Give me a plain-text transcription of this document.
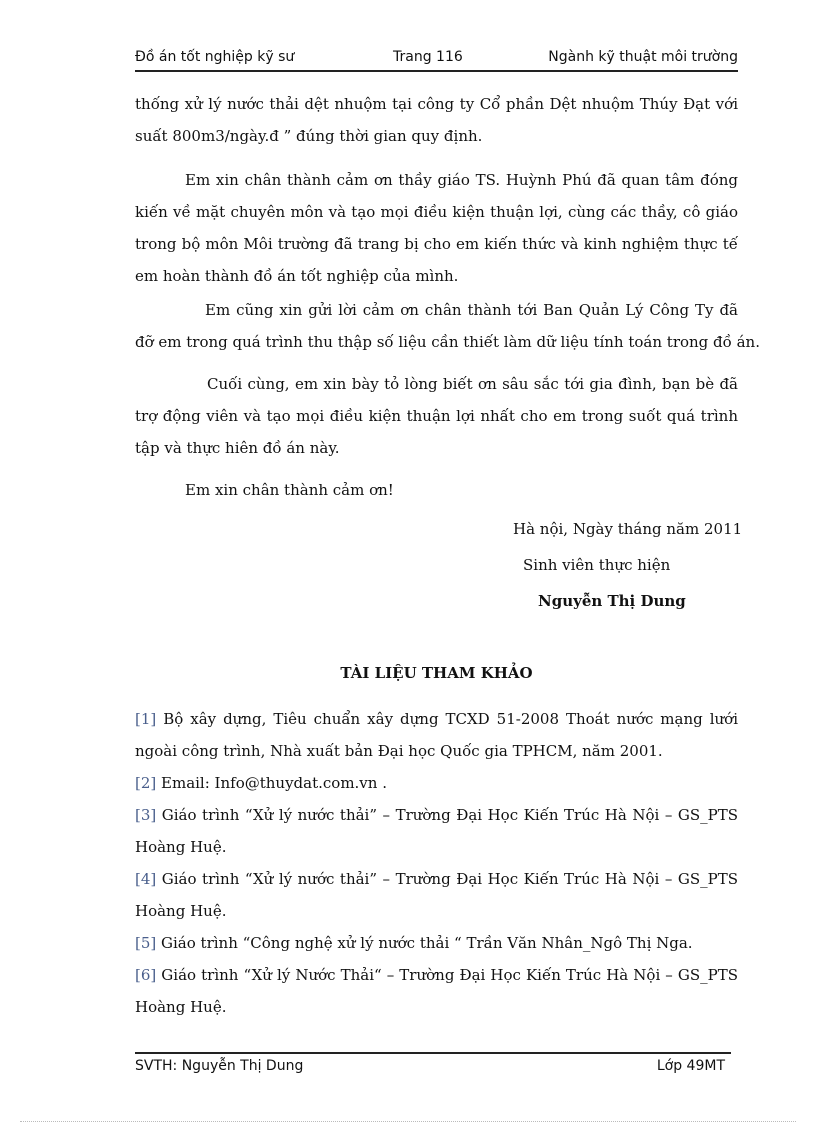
Đồ án tốt nghiệp kỹ sư	Trang 116	Ngành kỹ thuật môi trường
thống xử lý nước thải dệt nhuộm tại công ty Cổ phần Dệt nhuộm Thúy Đạt với
suất 800m3/ngày.đ ” đúng thời gian quy định.
Em xin chân thành cảm ơn thầy giáo TS. Huỳnh Phú đã quan tâm đóng
kiến về mặt chuyên môn và tạo mọi điều kiện thuận lợi, cùng các thầy, cô giáo
trong bộ môn Môi trường đã trang bị cho em kiến thức và kinh nghiệm thực tế
em hoàn thành đồ án tốt nghiệp của mình.
Em cũng xin gửi lời cảm ơn chân thành tới Ban Quản Lý Công Ty đã
đỡ em trong quá trình thu thập số liệu cần thiết làm dữ liệu tính toán trong đồ án.
Cuối cùng, em xin bày tỏ lòng biết ơn sâu sắc tới gia đình, bạn bè đã
trợ động viên và tạo mọi điều kiện thuận lợi nhất cho em trong suốt quá trình
tập và thực hiên đồ án này.
Em xin chân thành cảm ơn!
Hà nội, Ngày tháng năm 2011
Sinh viên thực hiện
Nguyễn Thị Dung
TÀI LIỆU THAM KHẢO
[1] Bộ xây dựng, Tiêu chuẩn xây dựng TCXD 51-2008 Thoát nước mạng lưới
ngoài công trình, Nhà xuất bản Đại học Quốc gia TPHCM, năm 2001.
[2] Email: Info@thuydat.com.vn .
[3] Giáo trình “Xử lý nước thải” – Trường Đại Học Kiến Trúc Hà Nội – GS_PTS
Hoàng Huệ.
[4] Giáo trình “Xử lý nước thải” – Trường Đại Học Kiến Trúc Hà Nội – GS_PTS
Hoàng Huệ.
[5] Giáo trình “Công nghệ xử lý nước thải “ Trần Văn Nhân_Ngô Thị Nga.
[6] Giáo trình “Xử lý Nước Thải“ – Trường Đại Học Kiến Trúc Hà Nội – GS_PTS
Hoàng Huệ.
SVTH: Nguyễn Thị Dung	Lớp 49MT
